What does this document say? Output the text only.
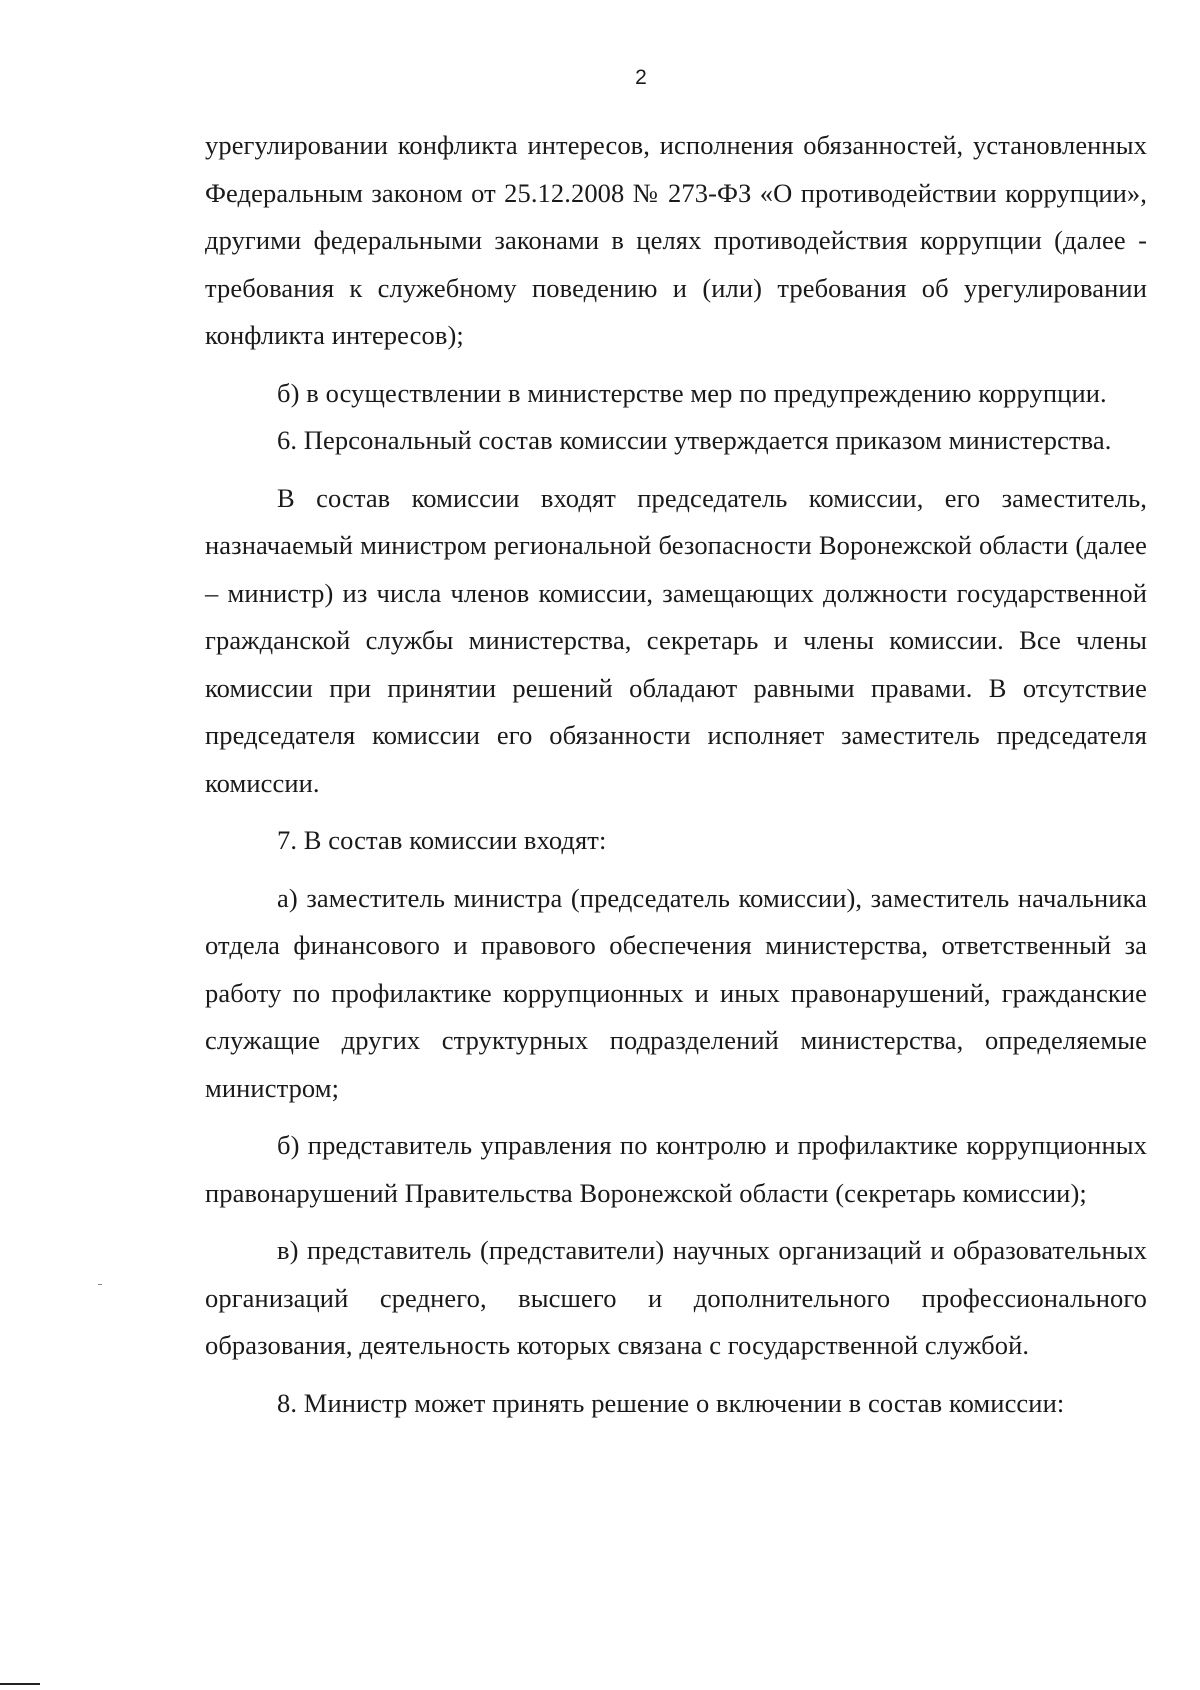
2

урегулировании конфликта интересов, исполнения обязанностей, установленных Федеральным законом от 25.12.2008 № 273-ФЗ «О противодействии коррупции», другими федеральными законами в целях противодействия коррупции (далее - требования к служебному поведению и (или) требования об урегулировании конфликта интересов);

б) в осуществлении в министерстве мер по предупреждению коррупции.

6. Персональный состав комиссии утверждается приказом министерства.

В состав комиссии входят председатель комиссии, его заместитель, назначаемый министром региональной безопасности Воронежской области (далее – министр) из числа членов комиссии, замещающих должности государственной гражданской службы министерства, секретарь и члены комиссии. Все члены комиссии при принятии решений обладают равными правами. В отсутствие председателя комиссии его обязанности исполняет заместитель председателя комиссии.

7. В состав комиссии входят:

а) заместитель министра (председатель комиссии), заместитель начальника отдела финансового и правового обеспечения министерства, ответственный за работу по профилактике коррупционных и иных правонарушений, гражданские служащие других структурных подразделений министерства, определяемые министром;

б) представитель управления по контролю и профилактике коррупционных правонарушений Правительства Воронежской области (секретарь комиссии);

в) представитель (представители) научных организаций и образовательных организаций среднего, высшего и дополнительного профессионального образования, деятельность которых связана с государственной службой.

8. Министр может принять решение о включении в состав комиссии:
